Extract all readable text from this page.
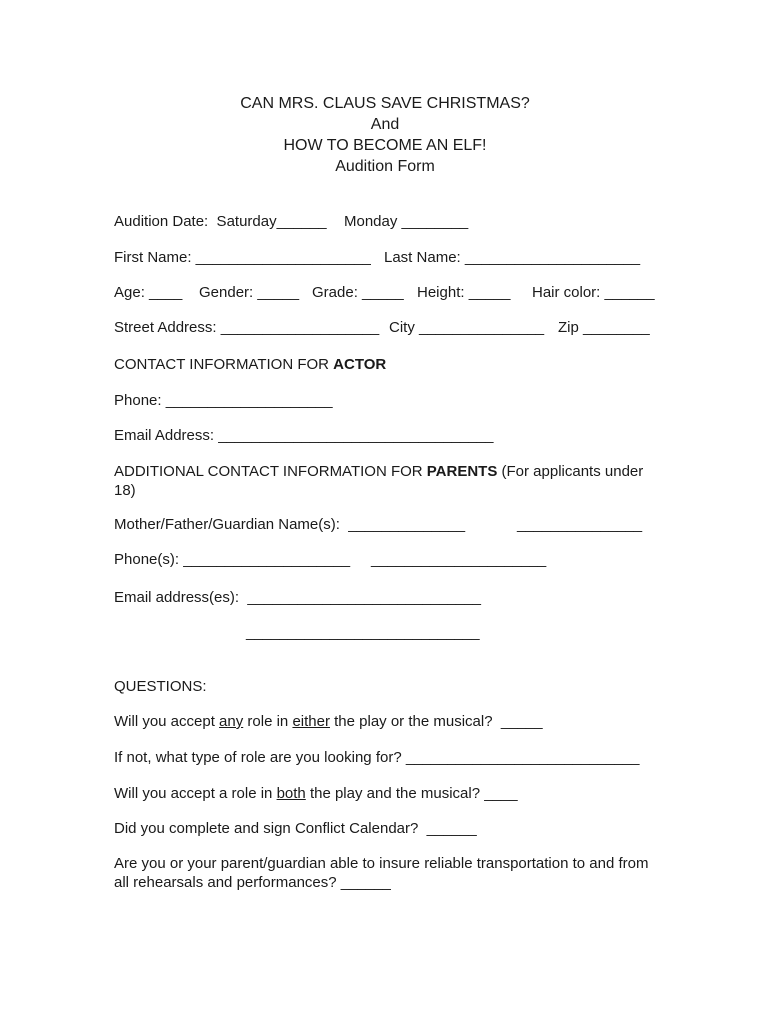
CAN MRS. CLAUS SAVE CHRISTMAS?
And
HOW TO BECOME AN ELF!
Audition Form
Audition Date:  Saturday______ Monday ________
First Name: _____________________ Last Name: _____________________
Age: ____ Gender: _____ Grade: _____ Height: _____ Hair color: ______
Street Address: ___________________ City _______________ Zip ________
CONTACT INFORMATION FOR ACTOR
Phone: ____________________
Email Address: _________________________________
ADDITIONAL CONTACT INFORMATION FOR PARENTS (For applicants under 18)
Mother/Father/Guardian Name(s):  ______________	_______________
Phone(s): ____________________ _____________________
Email address(es):  ____________________________
____________________________
QUESTIONS:
Will you accept any role in either the play or the musical?  _____
If not, what type of role are you looking for? ____________________________
Will you accept a role in both the play and the musical? ____
Did you complete and sign Conflict Calendar?  ______
Are you or your parent/guardian able to insure reliable transportation to and from all rehearsals and performances? ______
